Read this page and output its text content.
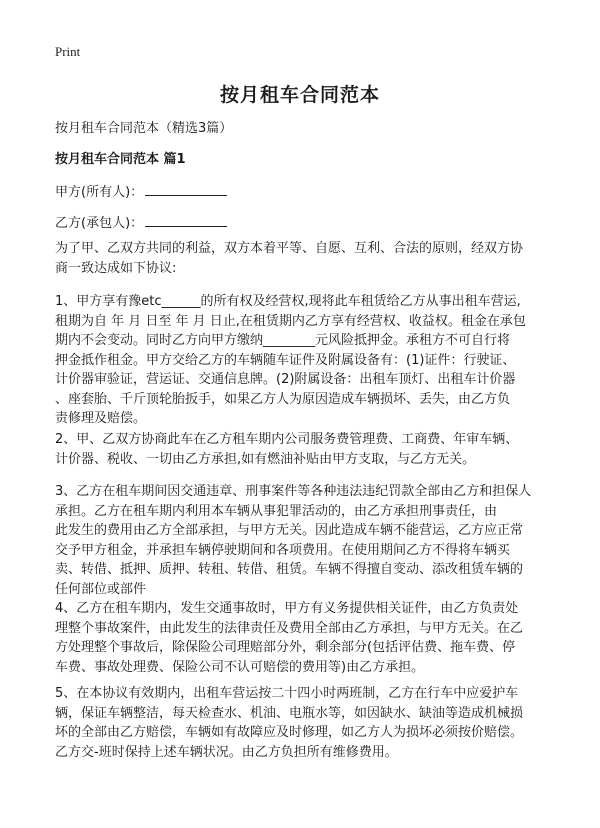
Print
按月租车合同范本
按月租车合同范本（精选3篇）
按月租车合同范本 篇1
甲方(所有人)：
乙方(承包人)：
为了甲、乙双方共同的利益，双方本着平等、自愿、互利、合法的原则，经双方协
商一致达成如下协议:
1、甲方享有豫etc______的所有权及经营权,现将此车租赁给乙方从事出租车营运,
租期为自 年 月 日至 年 月 日止,在租赁期内乙方享有经营权、收益权。租金在承包
期内不会变动。同时乙方向甲方缴纳________元风险抵押金。承租方不可自行将
押金抵作租金。甲方交给乙方的车辆随车证件及附属设备有：(1)证件：行驶证、
计价器审验证，营运证、交通信息牌。(2)附属设备：出租车顶灯、出租车计价器
、座套胎、千斤顶轮胎扳手，如果乙方人为原因造成车辆损坏、丢失，由乙方负
责修理及赔偿。
2、甲、乙双方协商此车在乙方租车期内公司服务费管理费、工商费、年审车辆、
计价器、税收、一切由乙方承担,如有燃油补贴由甲方支取，与乙方无关。
3、乙方在租车期间因交通违章、刑事案件等各种违法违纪罚款全部由乙方和担保人
承担。乙方在租车期内利用本车辆从事犯罪活动的，由乙方承担刑事责任，由
此发生的费用由乙方全部承担，与甲方无关。因此造成车辆不能营运，乙方应正常
交予甲方租金，并承担车辆停驶期间和各项费用。在使用期间乙方不得将车辆买
卖、转借、抵押、质押、转租、转借、租赁。车辆不得擅自变动、添改租赁车辆的
任何部位或部件
4、乙方在租车期内，发生交通事故时，甲方有义务提供相关证件，由乙方负责处
理整个事故案件，由此发生的法律责任及费用全部由乙方承担，与甲方无关。在乙
方处理整个事故后，除保险公司理赔部分外，剩余部分(包括评估费、拖车费、停
车费、事故处理费、保险公司不认可赔偿的费用等)由乙方承担。
5、在本协议有效期内，出租车营运按二十四小时两班制，乙方在行车中应爱护车
辆，保证车辆整洁，每天检查水、机油、电瓶水等，如因缺水、缺油等造成机械损
坏的全部由乙方赔偿，车辆如有故障应及时修理，如乙方人为损坏必须按价赔偿。
乙方交-班时保持上述车辆状况。由乙方负担所有维修费用。
